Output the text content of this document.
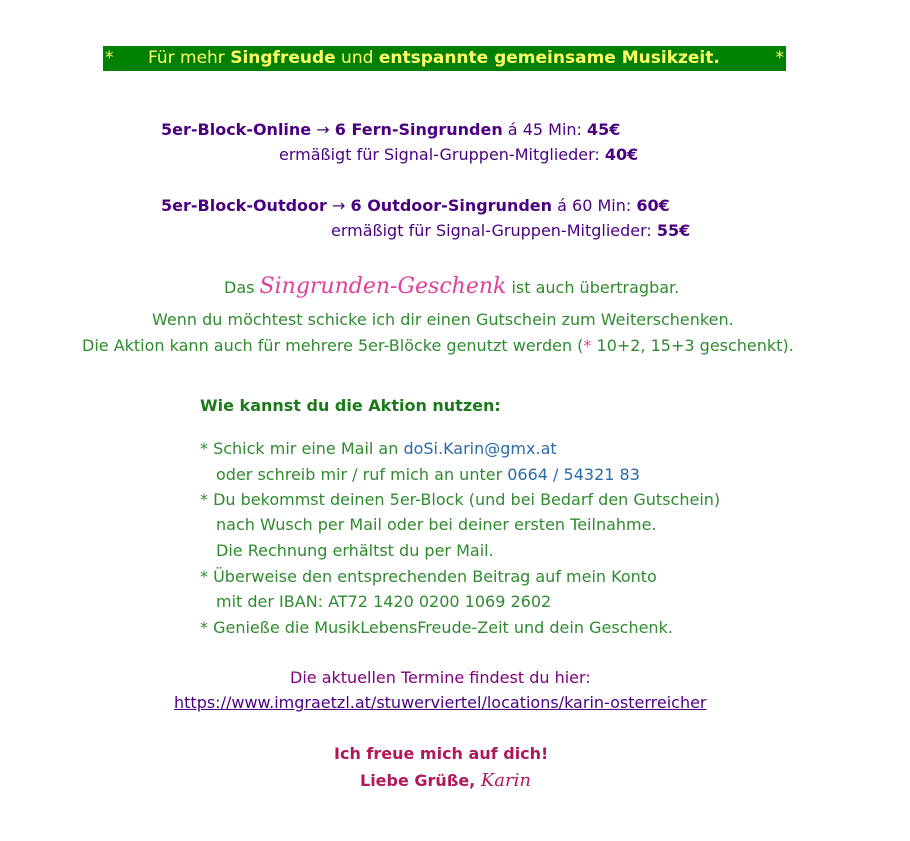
* Für mehr Singfreude und entspannte gemeinsame Musikzeit.	*
5er-Block-Online → 6 Fern-Singrunden á 45 Min: 45€
ermäßigt für Signal-Gruppen-Mitglieder: 40€
5er-Block-Outdoor → 6 Outdoor-Singrunden á 60 Min: 60€
ermäßigt für Signal-Gruppen-Mitglieder: 55€
Das Singrunden-Geschenk ist auch übertragbar.
Wenn du möchtest schicke ich dir einen Gutschein zum Weiterschenken.
Die Aktion kann auch für mehrere 5er-Blöcke genutzt werden (* 10+2, 15+3 geschenkt).
Wie kannst du die Aktion nutzen:
* Schick mir eine Mail an doSi.Karin@gmx.at
oder schreib mir / ruf mich an unter 0664 / 54321 83
* Du bekommst deinen 5er-Block (und bei Bedarf den Gutschein)
nach Wusch per Mail oder bei deiner ersten Teilnahme.
Die Rechnung erhältst du per Mail.
* Überweise den entsprechenden Beitrag auf mein Konto
mit der IBAN: AT72 1420 0200 1069 2602
* Genieße die MusikLebensFreude-Zeit und dein Geschenk.
Die aktuellen Termine findest du hier:
https://www.imgraetzl.at/stuwerviertel/locations/karin-osterreicher
Ich freue mich auf dich!
Liebe Grüße, Karin
